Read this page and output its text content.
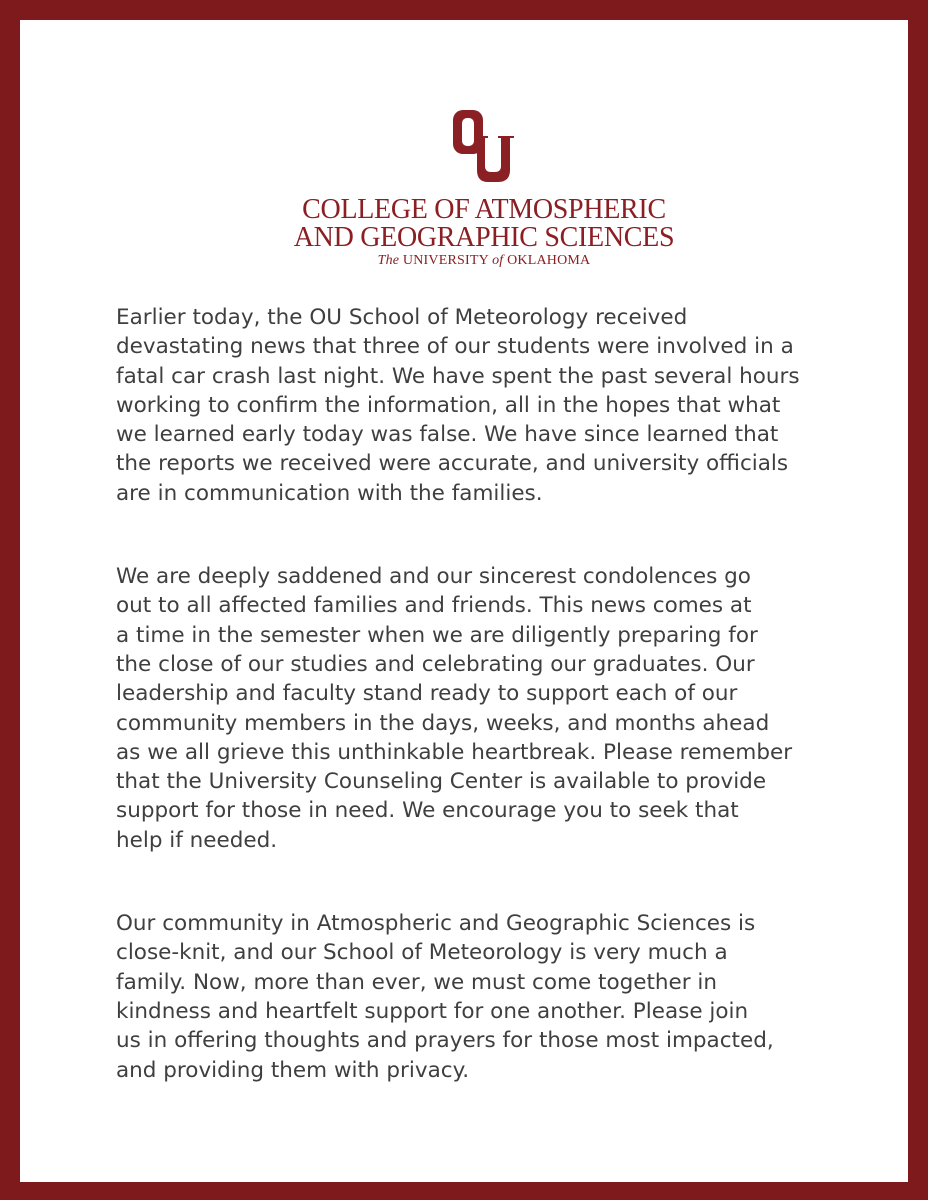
COLLEGE OF ATMOSPHERIC
AND GEOGRAPHIC SCIENCES
The UNIVERSITY of OKLAHOMA

Earlier today, the OU School of Meteorology received
devastating news that three of our students were involved in a
fatal car crash last night. We have spent the past several hours
working to confirm the information, all in the hopes that what
we learned early today was false. We have since learned that
the reports we received were accurate, and university officials
are in communication with the families.

We are deeply saddened and our sincerest condolences go
out to all affected families and friends. This news comes at
a time in the semester when we are diligently preparing for
the close of our studies and celebrating our graduates. Our
leadership and faculty stand ready to support each of our
community members in the days, weeks, and months ahead
as we all grieve this unthinkable heartbreak. Please remember
that the University Counseling Center is available to provide
support for those in need. We encourage you to seek that
help if needed.

Our community in Atmospheric and Geographic Sciences is
close-knit, and our School of Meteorology is very much a
family. Now, more than ever, we must come together in
kindness and heartfelt support for one another. Please join
us in offering thoughts and prayers for those most impacted,
and providing them with privacy.
